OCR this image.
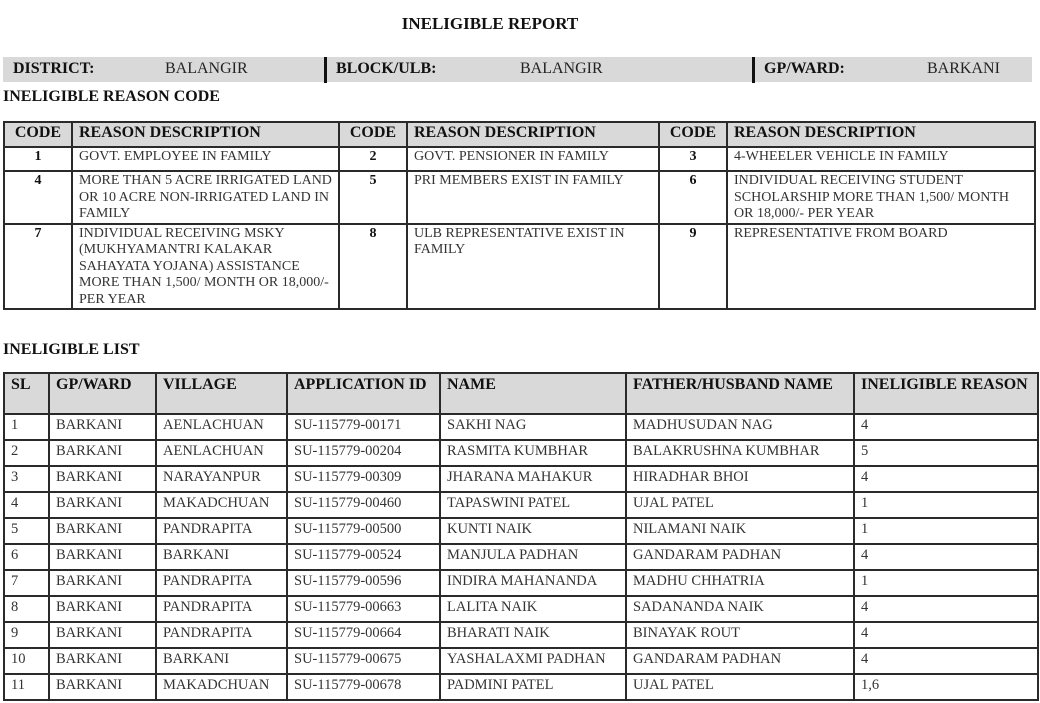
INELIGIBLE REPORT
DISTRICT:	BALANGIR	BLOCK/ULB:	BALANGIR	GP/WARD:	BARKANI
INELIGIBLE REASON CODE
CODE	REASON DESCRIPTION	CODE	REASON DESCRIPTION	CODE	REASON DESCRIPTION
1	GOVT. EMPLOYEE IN FAMILY	2	GOVT. PENSIONER IN FAMILY	3	4-WHEELER VEHICLE IN FAMILY
4	MORE THAN 5 ACRE IRRIGATED LAND OR 10 ACRE NON-IRRIGATED LAND IN FAMILY	5	PRI MEMBERS EXIST IN FAMILY	6	INDIVIDUAL RECEIVING STUDENT SCHOLARSHIP MORE THAN 1,500/ MONTH OR 18,000/- PER YEAR
7	INDIVIDUAL RECEIVING MSKY (MUKHYAMANTRI KALAKAR SAHAYATA YOJANA) ASSISTANCE MORE THAN 1,500/ MONTH OR 18,000/- PER YEAR	8	ULB REPRESENTATIVE EXIST IN FAMILY	9	REPRESENTATIVE FROM BOARD
INELIGIBLE LIST
SL	GP/WARD	VILLAGE	APPLICATION ID	NAME	FATHER/HUSBAND NAME	INELIGIBLE REASON
1	BARKANI	AENLACHUAN	SU-115779-00171	SAKHI NAG	MADHUSUDAN NAG	4
2	BARKANI	AENLACHUAN	SU-115779-00204	RASMITA KUMBHAR	BALAKRUSHNA KUMBHAR	5
3	BARKANI	NARAYANPUR	SU-115779-00309	JHARANA MAHAKUR	HIRADHAR BHOI	4
4	BARKANI	MAKADCHUAN	SU-115779-00460	TAPASWINI PATEL	UJAL PATEL	1
5	BARKANI	PANDRAPITA	SU-115779-00500	KUNTI NAIK	NILAMANI NAIK	1
6	BARKANI	BARKANI	SU-115779-00524	MANJULA PADHAN	GANDARAM PADHAN	4
7	BARKANI	PANDRAPITA	SU-115779-00596	INDIRA MAHANANDA	MADHU CHHATRIA	1
8	BARKANI	PANDRAPITA	SU-115779-00663	LALITA NAIK	SADANANDA NAIK	4
9	BARKANI	PANDRAPITA	SU-115779-00664	BHARATI NAIK	BINAYAK ROUT	4
10	BARKANI	BARKANI	SU-115779-00675	YASHALAXMI PADHAN	GANDARAM PADHAN	4
11	BARKANI	MAKADCHUAN	SU-115779-00678	PADMINI PATEL	UJAL PATEL	1,6
